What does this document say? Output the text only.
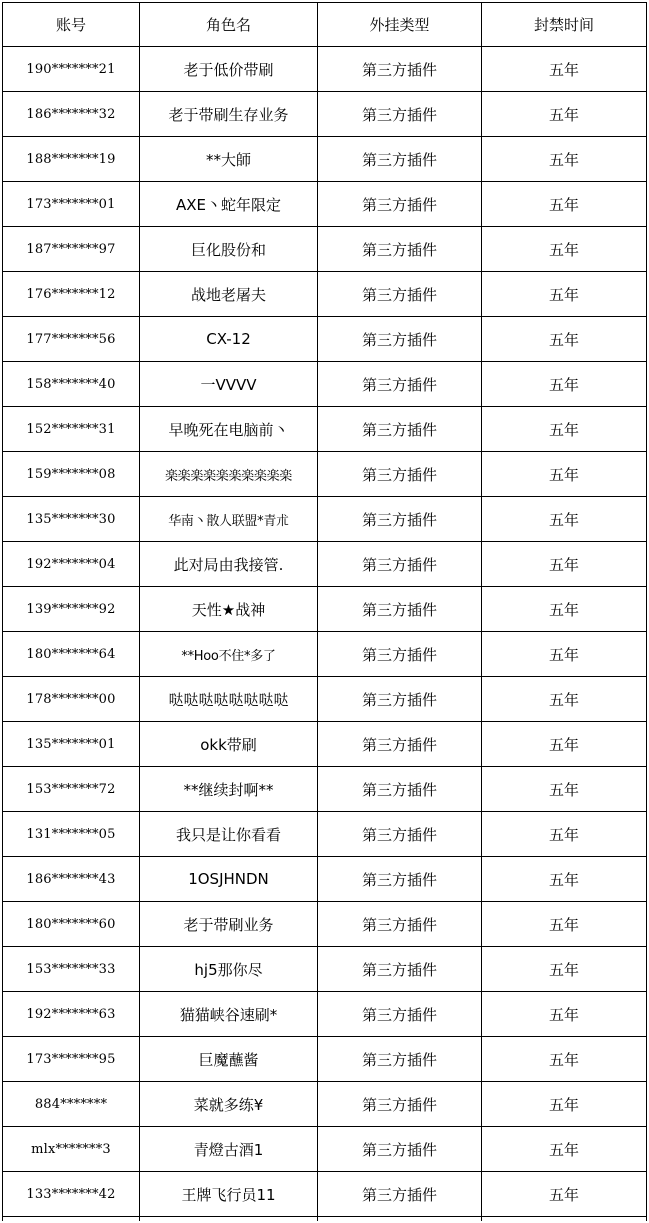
账号	角色名	外挂类型	封禁时间
190*******21	老于低价带刷	第三方插件	五年
186*******32	老于带刷生存业务	第三方插件	五年
188*******19	**大師	第三方插件	五年
173*******01	AXE丶蛇年限定	第三方插件	五年
187*******97	巨化股份和	第三方插件	五年
176*******12	战地老屠夫	第三方插件	五年
177*******56	CX-12	第三方插件	五年
158*******40	一VVVV	第三方插件	五年
152*******31	早晚死在电脑前丶	第三方插件	五年
159*******08	楽楽楽楽楽楽楽楽楽楽	第三方插件	五年
135*******30	华南丶散人联盟*青朮	第三方插件	五年
192*******04	此对局由我接管.	第三方插件	五年
139*******92	天性★战神	第三方插件	五年
180*******64	**Hoo不住*多了	第三方插件	五年
178*******00	哒哒哒哒哒哒哒哒	第三方插件	五年
135*******01	okk带刷	第三方插件	五年
153*******72	**继续封啊**	第三方插件	五年
131*******05	我只是让你看看	第三方插件	五年
186*******43	1OSJHNDN	第三方插件	五年
180*******60	老于带刷业务	第三方插件	五年
153*******33	hj5那你尽	第三方插件	五年
192*******63	猫猫峡谷速刷*	第三方插件	五年
173*******95	巨魔蘸酱	第三方插件	五年
884*******	菜就多练¥	第三方插件	五年
mlx*******3	青燈古酒1	第三方插件	五年
133*******42	王牌飞行员11	第三方插件	五年
